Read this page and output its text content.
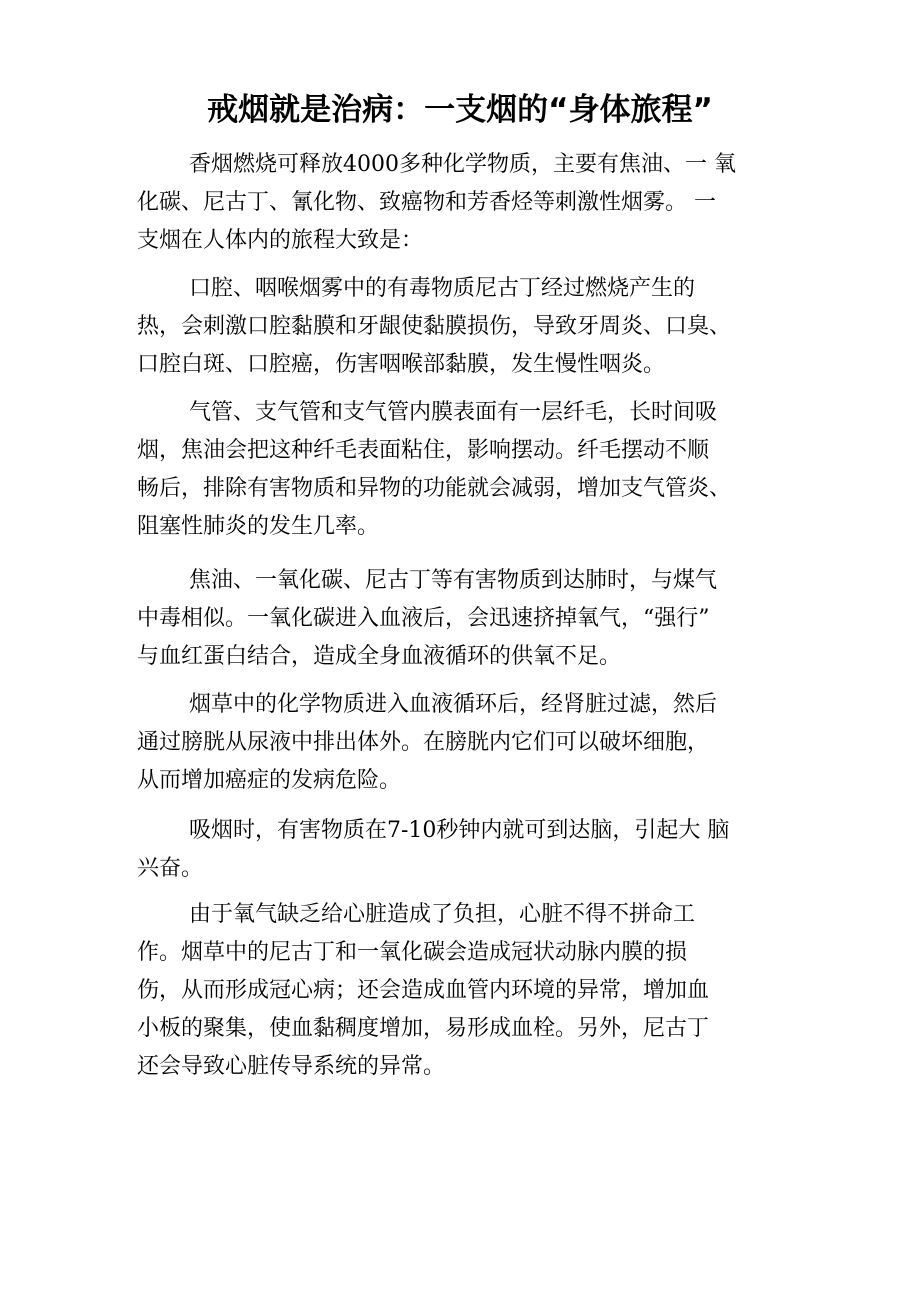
戒烟就是治病：一支烟的“身体旅程”
香烟燃烧可释放4000多种化学物质，主要有焦油、一 氧
化碳、尼古丁、氰化物、致癌物和芳香烃等刺激性烟雾。 一
支烟在人体内的旅程大致是：
口腔、咽喉烟雾中的有毒物质尼古丁经过燃烧产生的
热，会刺激口腔黏膜和牙龈使黏膜损伤，导致牙周炎、口臭、
口腔白斑、口腔癌，伤害咽喉部黏膜，发生慢性咽炎。
气管、支气管和支气管内膜表面有一层纤毛，长时间吸
烟，焦油会把这种纤毛表面粘住，影响摆动。纤毛摆动不顺
畅后，排除有害物质和异物的功能就会减弱，增加支气管炎、
阻塞性肺炎的发生几率。
焦油、一氧化碳、尼古丁等有害物质到达肺时，与煤气
中毒相似。一氧化碳进入血液后，会迅速挤掉氧气，“强行”
与血红蛋白结合，造成全身血液循环的供氧不足。
烟草中的化学物质进入血液循环后，经肾脏过滤，然后
通过膀胱从尿液中排出体外。在膀胱内它们可以破坏细胞，
从而增加癌症的发病危险。
吸烟时，有害物质在7-10秒钟内就可到达脑，引起大 脑
兴奋。
由于氧气缺乏给心脏造成了负担，心脏不得不拼命工
作。烟草中的尼古丁和一氧化碳会造成冠状动脉内膜的损
伤，从而形成冠心病；还会造成血管内环境的异常，增加血
小板的聚集，使血黏稠度增加，易形成血栓。另外，尼古丁
还会导致心脏传导系统的异常。
